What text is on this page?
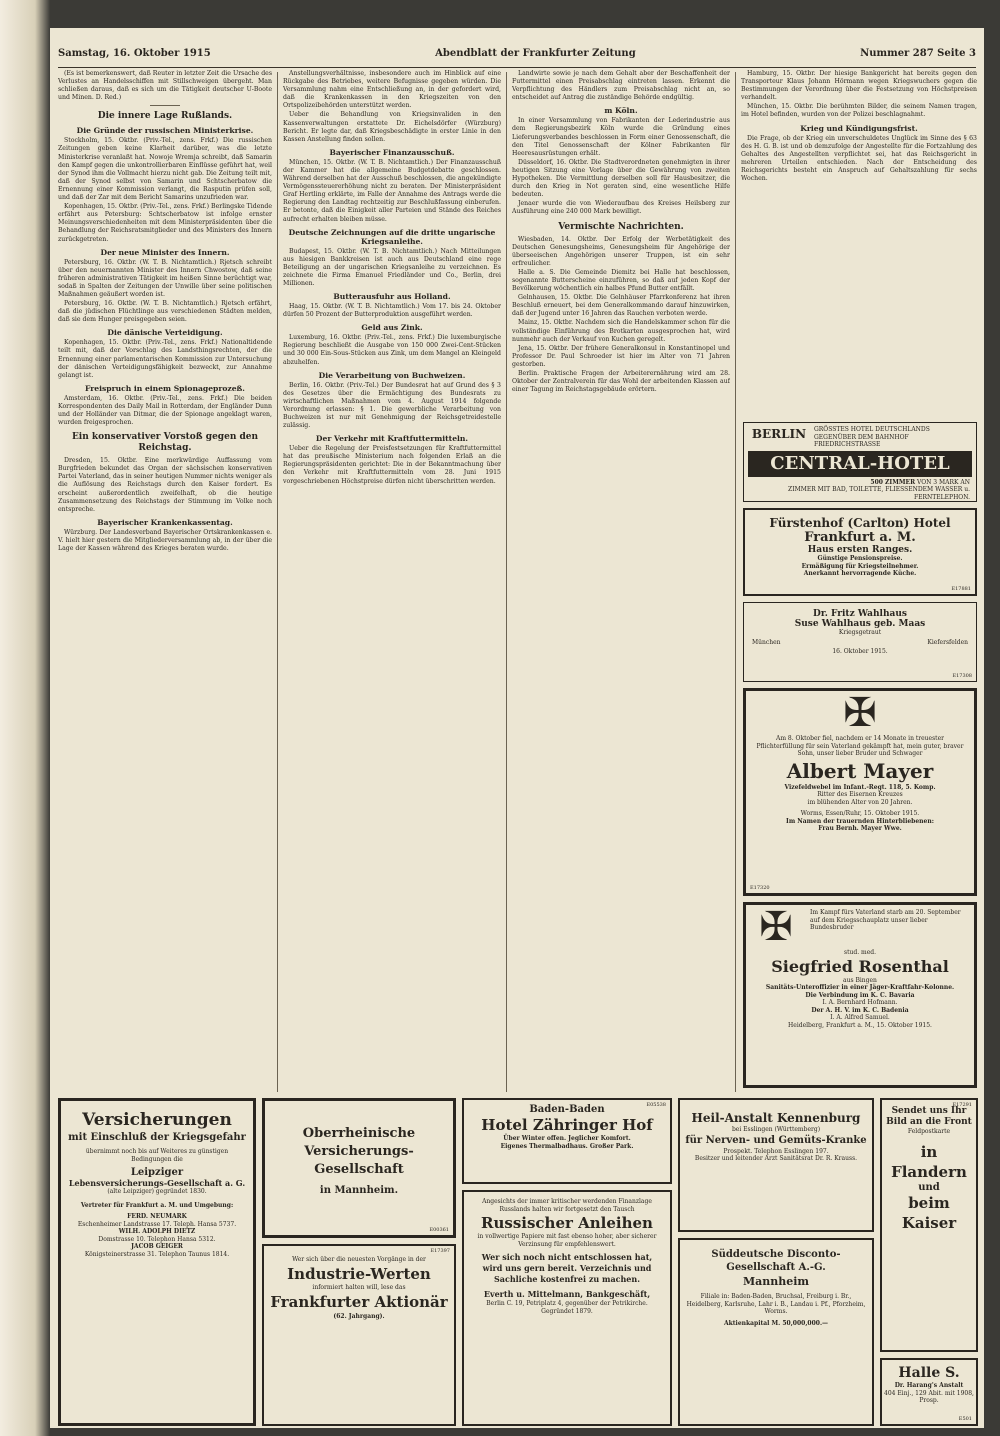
Samstag, 16. Oktober 1915	Abendblatt der Frankfurter Zeitung	Nummer 287 Seite 3

(Es ist bemerkenswert, daß Reuter in letzter Zeit die Ursache des Verlustes an Handelsschiffen mit Stillschweigen übergeht. Man schließen daraus, daß es sich um die Tätigkeit deutscher U-Boote und Minen. D. Red.)

Die innere Lage Rußlands.
Die Gründe der russischen Ministerkrise.

Stockholm, 15. Oktbr. (Priv.-Tel., zens. Frkf.) Die russischen Zeitungen geben keine Klarheit darüber, was die letzte Ministerkrise veranlaßt hat. Nowoje Wremja schreibt, daß Samarin den Kampf gegen die unkontrollierbaren Einflüsse geführt hat, weil der Synod ihm die Vollmacht hierzu nicht gab. Die Zeitung teilt mit, daß der Synod selbst von Samarin und Schtscherbatow die Ernennung einer Kommission verlangt, die Rasputin prüfen soll, und daß der Zar mit dem Bericht Samarins unzufrieden war.

Kopenhagen, 15. Oktbr. (Priv.-Tel., zens. Frkf.) Berlingske Tidende erfährt aus Petersburg: Schtscherbatow ist infolge ernster Meinungsverschiedenheiten mit dem Ministerpräsidenten über die Behandlung der Reichsratsmitglieder und des Ministers des Innern zurückgetreten.

Der neue Minister des Innern.

Petersburg, 16. Oktbr. (W. T. B. Nichtamtlich.) Rjetsch schreibt über den neuernannten Minister des Innern Chwostow, daß seine früheren administrativen Tätigkeit im heißen Sinne berüchtigt war, sodaß in Spalten der Zeitungen der Unwille über seine politischen Maßnahmen geäußert worden ist.

Petersburg, 16. Oktbr. (W. T. B. Nichtamtlich.) Rjetsch erfährt, daß die jüdischen Flüchtlinge aus verschiedenen Städten melden, daß sie dem Hunger preisgegeben seien.

Die dänische Verteidigung.

Kopenhagen, 15. Oktbr. (Priv.-Tel., zens. Frkf.) Nationaltidende teilt mit, daß der Vorschlag des Landsthingsrechten, der die Ernennung einer parlamentarischen Kommission zur Untersuchung der dänischen Verteidigungsfähigkeit bezweckt, zur Annahme gelangt ist.

Freispruch in einem Spionageprozeß.

Amsterdam, 16. Oktbr. (Priv.-Tel., zens. Frkf.) Die beiden Korrespondenten des Daily Mail in Rotterdam, der Engländer Dunn und der Holländer van Ditmar, die der Spionage angeklagt waren, wurden freigesprochen.

Ein konservativer Vorstoß gegen den Reichstag.

Dresden, 15. Oktbr. Eine merkwürdige Auffassung vom Burgfrieden bekundet das Organ der sächsischen konservativen Partei Vaterland, das in seiner heutigen Nummer nichts weniger als die Auflösung des Reichstags durch den Kaiser fordert. Es erscheint außerordentlich zweifelhaft, ob die heutige Zusammensetzung des Reichstags der Stimmung im Volke noch entspreche.

Bayerischer Krankenkassentag.

Würzburg. Der Landesverband Bayerischer Ortskrankenkassen e. V. hielt hier gestern die Mitgliederversammlung ab, in der über die Lage der Kassen während des Krieges beraten wurde.

Anstellungsverhältnisse, insbesondere auch im Hinblick auf eine Rückgabe des Betriebes, weitere Befugnisse gegeben würden. Die Versammlung nahm eine Entschließung an, in der gefordert wird, daß die Krankenkassen in den Kriegszeiten von den Ortspolizeibehörden unterstützt werden.

Ueber die Behandlung von Kriegsinvaliden in den Kassenverwaltungen erstattete Dr. Eichelsdörfer (Würzburg) Bericht. Er legte dar, daß Kriegsbeschädigte in erster Linie in den Kassen Anstellung finden sollen.

Bayerischer Finanzausschuß.

München, 15. Oktbr. (W. T. B. Nichtamtlich.) Der Finanzausschuß der Kammer hat die allgemeine Budgetdebatte geschlossen. Während derselben hat der Ausschuß beschlossen, die angekündigte Vermögenssteuererhöhung nicht zu beraten. Der Ministerpräsident Graf Hertling erklärte, im Falle der Annahme des Antrags werde die Regierung den Landtag rechtzeitig zur Beschlußfassung einberufen. Er betonte, daß die Einigkeit aller Parteien und Stände des Reiches aufrecht erhalten bleiben müsse.

Deutsche Zeichnungen auf die dritte ungarische Kriegsanleihe.

Budapest, 15. Oktbr. (W. T. B. Nichtamtlich.) Nach Mitteilungen aus hiesigen Bankkreisen ist auch aus Deutschland eine rege Beteiligung an der ungarischen Kriegsanleihe zu verzeichnen. Es zeichnete die Firma Emanuel Friedländer und Co., Berlin, drei Millionen.

Butterausfuhr aus Holland.

Haag, 15. Oktbr. (W. T. B. Nichtamtlich.) Vom 17. bis 24. Oktober dürfen 50 Prozent der Butterproduktion ausgeführt werden.

Geld aus Zink.

Luxemburg, 16. Oktbr. (Priv.-Tel., zens. Frkf.) Die luxemburgische Regierung beschließt die Ausgabe von 150 000 Zwei-Cent-Stücken und 30 000 Ein-Sous-Stücken aus Zink, um dem Mangel an Kleingeld abzuhelfen.

Die Verarbeitung von Buchweizen.

Berlin, 16. Oktbr. (Priv.-Tel.) Der Bundesrat hat auf Grund des § 3 des Gesetzes über die Ermächtigung des Bundesrats zu wirtschaftlichen Maßnahmen vom 4. August 1914 folgende Verordnung erlassen: § 1. Die gewerbliche Verarbeitung von Buchweizen ist nur mit Genehmigung der Reichsgetreidestelle zulässig.

Der Verkehr mit Kraftfuttermitteln.

Ueber die Regelung der Preisfestsetzungen für Kraftfuttermittel hat das preußische Ministerium nach folgenden Erlaß an die Regierungspräsidenten gerichtet: Die in der Bekanntmachung über den Verkehr mit Kraftfuttermitteln vom 28. Juni 1915 vorgeschriebenen Höchstpreise dürfen nicht überschritten werden.

Landwirte sowie je nach dem Gehalt aber der Beschaffenheit der Futtermittel einen Preisabschlag eintreten lassen. Erkennt die Verpflichtung des Händlers zum Preisabschlag nicht an, so entscheidet auf Antrag die zuständige Behörde endgültig.

m Köln.

In einer Versammlung von Fabrikanten der Lederindustrie aus dem Regierungsbezirk Köln wurde die Gründung eines Lieferungsverbandes beschlossen in Form einer Genossenschaft, die den Titel Genossenschaft der Kölner Fabrikanten für Heeresausrüstungen erhält.

Düsseldorf, 16. Oktbr. Die Stadtverordneten genehmigten in ihrer heutigen Sitzung eine Vorlage über die Gewährung von zweiten Hypotheken. Die Vermittlung derselben soll für Hausbesitzer, die durch den Krieg in Not geraten sind, eine wesentliche Hilfe bedeuten.

Jenaer wurde die von Wiederaufbau des Kreises Heilsberg zur Ausführung eine 240 000 Mark bewilligt.

Vermischte Nachrichten.

Wiesbaden, 14. Oktbr. Der Erfolg der Werbetätigkeit des Deutschen Genesungsheims, Genesungsheim für Angehörige der überseeischen Angehörigen unserer Truppen, ist ein sehr erfreulicher.

Halle a. S. Die Gemeinde Diemitz bei Halle hat beschlossen, sogenannte Butterscheine einzuführen, so daß auf jeden Kopf der Bevölkerung wöchentlich ein halbes Pfund Butter entfällt.

Gelnhausen, 15. Oktbr. Die Gelnhäuser Pfarrkonferenz hat ihren Beschluß erneuert, bei dem Generalkommando darauf hinzuwirken, daß der Jugend unter 16 Jahren das Rauchen verboten werde.

Mainz, 15. Oktbr. Nachdem sich die Handelskammer schon für die vollständige Einführung des Brotkarten ausgesprochen hat, wird nunmehr auch der Verkauf von Kuchen geregelt.

Jena, 15. Oktbr. Der frühere Generalkonsul in Konstantinopel und Professor Dr. Paul Schroeder ist hier im Alter von 71 Jahren gestorben.

Berlin. Praktische Fragen der Arbeiterernährung wird am 28. Oktober der Zentralverein für das Wohl der arbeitenden Klassen auf einer Tagung im Reichstagsgebäude erörtern.

Hamburg, 15. Oktbr. Der hiesige Bankgericht hat bereits gegen den Transporteur Klaus Johann Hörmann wegen Kriegswuchers gegen die Bestimmungen der Verordnung über die Festsetzung von Höchstpreisen verhandelt.

München, 15. Oktbr. Die berühmten Bilder, die seinem Namen tragen, im Hotel befinden, wurden von der Polizei beschlagnahmt.

Krieg und Kündigungsfrist.

Die Frage, ob der Krieg ein unverschuldetes Unglück im Sinne des § 63 des H. G. B. ist und ob demzufolge der Angestellte für die Fortzahlung des Gehaltes des Angestellten verpflichtet sei, hat das Reichsgericht in mehreren Urteilen entschieden. Nach der Entscheidung des Reichsgerichts besteht ein Anspruch auf Gehaltszahlung für sechs Wochen.

BERLIN	GRÖSSTES HOTEL DEUTSCHLANDS
GEGENÜBER DEM BAHNHOF FRIEDRICHSTRASSE
CENTRAL-HOTEL
500 ZIMMER VON 3 MARK AN
ZIMMER MIT BAD, TOILETTE, FLIESSENDEM WASSER u. FERNTELEPHON.
Fürstenhof (Carlton) Hotel
Frankfurt a. M.
Haus ersten Ranges.
Günstige Pensionspreise.
Ermäßigung für Kriegsteilnehmer.
Anerkannt hervorragende Küche.
E17881
Dr. Fritz Wahlhaus
Suse Wahlhaus geb. Maas
Kriegsgetraut
München	Kiefersfelden
16. Oktober 1915.
E17308
✠
Am 8. Oktober fiel, nachdem er 14 Monate in treuester Pflichterfüllung für sein Vaterland gekämpft hat, mein guter, braver Sohn, unser lieber Bruder und Schwager
Albert Mayer
Vizefeldwebel im Infant.-Regt. 118, 5. Komp.
Ritter des Eisernen Kreuzes
im blühenden Alter von 20 Jahren.
Worms, Essen/Ruhr, 15. Oktober 1915.
Im Namen der trauernden Hinterbliebenen:
Frau Bernh. Mayer Wwe.
E17320
✠	Im Kampf fürs Vaterland starb am 20. September auf dem Kriegsschauplatz unser lieber Bundesbruder
stud. med.
Siegfried Rosenthal
aus Bingen
Sanitäts-Unteroffizier in einer Jäger-Kraftfahr-Kolonne.
Die Verbindung im K. C. Bavaria
I. A. Bernhard Hofmann.
Der A. H. V. im K. C. Badenia
I. A. Alfred Samuel.
Heidelberg, Frankfurt a. M., 15. Oktober 1915.
Versicherungen
mit Einschluß der Kriegsgefahr
übernimmt noch bis auf Weiteres zu günstigen Bedingungen die
Leipziger
Lebensversicherungs-Gesellschaft a. G.
(alte Leipziger) gegründet 1830.
Vertreter für Frankfurt a. M. und Umgebung:
FERD. NEUMARK
Eschenheimer Landstrasse 17. Teleph. Hansa 5737.
WILH. ADOLPH DIETZ
Domstrasse 10. Telephon Hansa 5312.
JACOB GEIGER
Königsteinerstrasse 31. Telephon Taunus 1814.
Oberrheinische Versicherungs-Gesellschaft
in Mannheim.
E00361
Wer sich über die neuesten Vorgänge in der
Industrie-Werten
informiert halten will, lese das
Frankfurter Aktionär
(62. Jahrgang).
E17397
Baden-Baden
Hotel Zähringer Hof
Über Winter offen. Jeglicher Komfort.
Eigenes Thermalbadhaus. Großer Park.
E05538
Angesichts der immer kritischer werdenden Finanzlage Russlands halten wir fortgesetzt den Tausch
Russischer Anleihen
in vollwertige Papiere mit fast ebenso hoher, aber sicherer Verzinsung für empfehlenswert.
Wer sich noch nicht entschlossen hat,
wird uns gern bereit. Verzeichnis und
Sachliche kostenfrei zu machen.
Everth u. Mittelmann, Bankgeschäft,
Berlin C. 19, Petriplatz 4, gegenüber der Petrikirche.
Gegründet 1879.
Heil-Anstalt Kennenburg
bei Esslingen (Württemberg)
für Nerven- und Gemüts-Kranke
Prospekt. Telephon Esslingen 197.
Besitzer und leitender Arzt Sanitätsrat Dr. R. Krauss.
Süddeutsche Disconto-Gesellschaft A.-G.
Mannheim
Filiale in: Baden-Baden, Bruchsal, Freiburg i. Br., Heidelberg, Karlsruhe, Lahr i. B., Landau i. Pf., Pforzheim, Worms.
Aktienkapital M. 50,000,000.—
Sendet uns Ihr
Bild an die Front
Feldpostkarte
in Flandern
und
beim Kaiser
E17291
Halle S.
Dr. Harang's Anstalt
404 Einj., 129 Abit. mit 1908, Prosp.
E501
